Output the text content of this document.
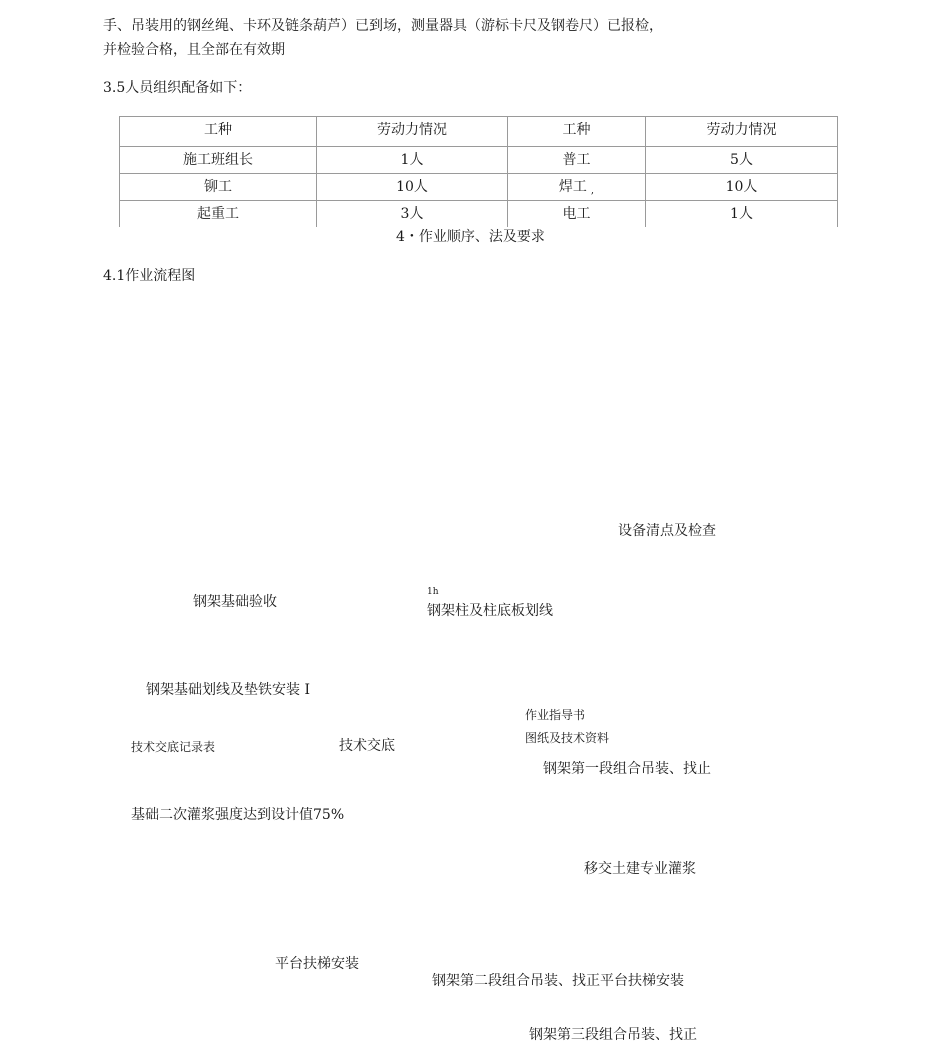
手、吊装用的钢丝绳、卡环及链条葫芦）已到场，测量器具（游标卡尺及钢卷尺）已报检，
并检验合格，且全部在有效期
3.5人员组织配备如下：
工种	劳动力情况	工种	劳动力情况
施工班组长	1人	普工	5人
铆工	10人	焊工 ,	10人
起重工	3人	电工	1人
4・作业顺序、法及要求
4.1作业流程图
设备清点及检查
钢架基础验收
1h
钢架柱及柱底板划线
钢架基础划线及垫铁安装 I
作业指导书
图纸及技术资料
技术交底记录表	技术交底
钢架第一段组合吊装、找止
基础二次灌浆强度达到设计值75%
移交土建专业灌浆
平台扶梯安装
钢架第二段组合吊装、找正平台扶梯安装
钢架第三段组合吊装、找正
